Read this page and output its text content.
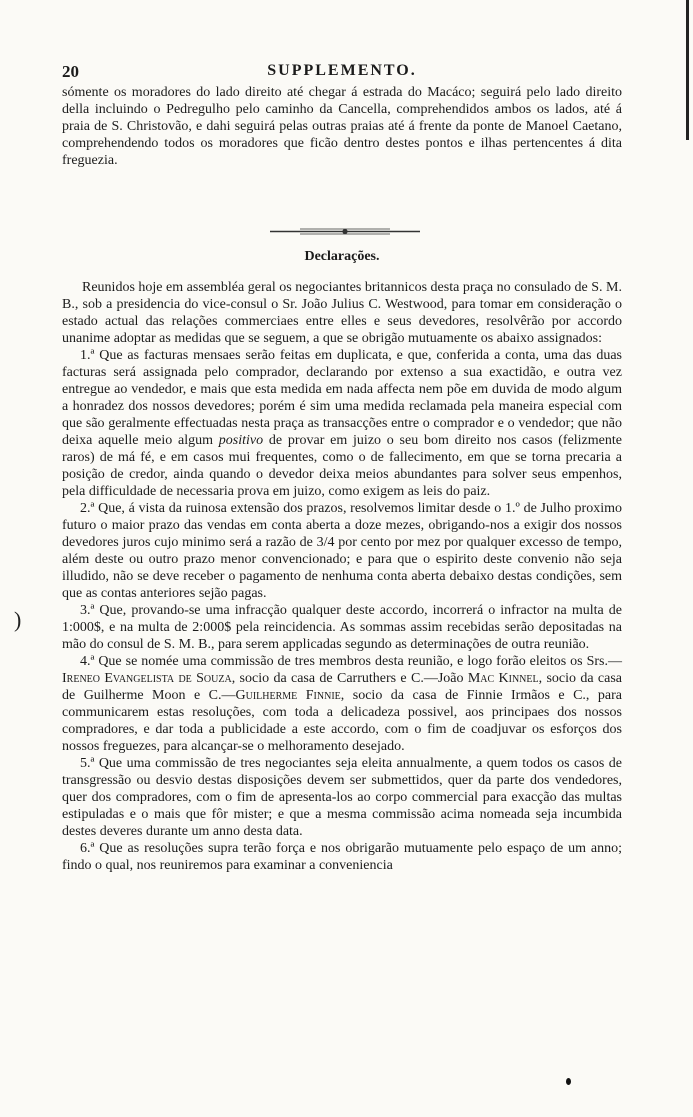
20	SUPPLEMENTO.
sómente os moradores do lado direito até chegar á estrada do Macáco; seguirá pelo lado direito della incluindo o Pedregulho pelo caminho da Cancella, comprehendidos ambos os lados, até á praia de S. Christovão, e dahi seguirá pelas outras praias até á frente da ponte de Manoel Caetano, comprehendendo todos os moradores que ficão dentro destes pontos e ilhas pertencentes á dita freguezia.
Declarações.

Reunidos hoje em assembléa geral os negociantes britannicos desta praça no consulado de S. M. B., sob a presidencia do vice-consul o Sr. João Julius C. Westwood, para tomar em consideração o estado actual das relações commerciaes entre elles e seus devedores, resolvêrão por accordo unanime adoptar as medidas que se seguem, a que se obrigão mutuamente os abaixo assignados:

1.ª Que as facturas mensaes serão feitas em duplicata, e que, conferida a conta, uma das duas facturas será assignada pelo comprador, declarando por extenso a sua exactidão, e outra vez entregue ao vendedor, e mais que esta medida em nada affecta nem põe em duvida de modo algum a honradez dos nossos devedores; porém é sim uma medida reclamada pela maneira especial com que são geralmente effectuadas nesta praça as transacções entre o comprador e o vendedor; que não deixa aquelle meio algum positivo de provar em juizo o seu bom direito nos casos (felizmente raros) de má fé, e em casos mui frequentes, como o de fallecimento, em que se torna precaria a posição de credor, ainda quando o devedor deixa meios abundantes para solver seus empenhos, pela difficuldade de necessaria prova em juizo, como exigem as leis do paiz.

2.ª Que, á vista da ruinosa extensão dos prazos, resolvemos limitar desde o 1.º de Julho proximo futuro o maior prazo das vendas em conta aberta a doze mezes, obrigando-nos a exigir dos nossos devedores juros cujo minimo será a razão de 3/4 por cento por mez por qualquer excesso de tempo, além deste ou outro prazo menor convencionado; e para que o espirito deste convenio não seja illudido, não se deve receber o pagamento de nenhuma conta aberta debaixo destas condições, sem que as contas anteriores sejão pagas.

3.ª Que, provando-se uma infracção qualquer deste accordo, incorrerá o infractor na multa de 1:000$, e na multa de 2:000$ pela reincidencia. As sommas assim recebidas serão depositadas na mão do consul de S. M. B., para serem applicadas segundo as determinações de outra reunião.

4.ª Que se nomée uma commissão de tres membros desta reunião, e logo forão eleitos os Srs.—Ireneo Evangelista de Souza, socio da casa de Carruthers e C.—João Mac Kinnel, socio da casa de Guilherme Moon e C.—Guilherme Finnie, socio da casa de Finnie Irmãos e C., para communicarem estas resoluções, com toda a delicadeza possivel, aos principaes dos nossos compradores, e dar toda a publicidade a este accordo, com o fim de coadjuvar os esforços dos nossos freguezes, para alcançar-se o melhoramento desejado.

5.ª Que uma commissão de tres negociantes seja eleita annualmente, a quem todos os casos de transgressão ou desvio destas disposições devem ser submettidos, quer da parte dos vendedores, quer dos compradores, com o fim de apresenta-los ao corpo commercial para exacção das multas estipuladas e o mais que fôr mister; e que a mesma commissão acima nomeada seja incumbida destes deveres durante um anno desta data.

6.ª Que as resoluções supra terão força e nos obrigarão mutuamente pelo espaço de um anno; findo o qual, nos reuniremos para examinar a conveniencia

)
